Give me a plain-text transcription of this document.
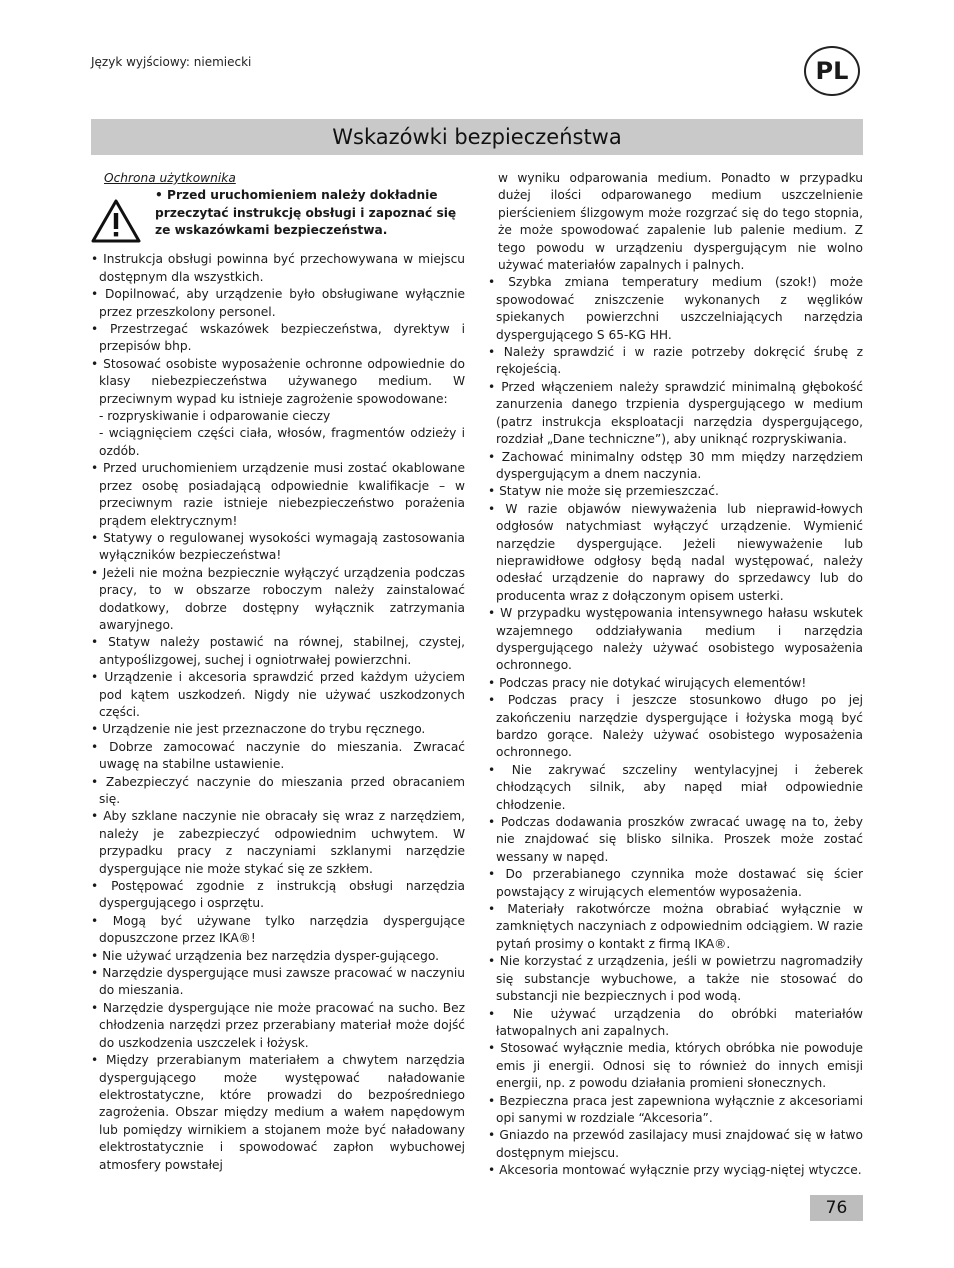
Język wyjściowy: niemiecki	PL
Wskazówki bezpieczeństwa

Ochrona użytkownika

• Przed uruchomieniem należy dokładnie przeczytać instrukcję obsługi i zapoznać się ze wskazówkami bezpieczeństwa.
• Instrukcja obsługi powinna być przechowywana w miejscu dostępnym dla wszystkich.
• Dopilnować, aby urządzenie było obsługiwane wyłącznie przez przeszkolony personel.
• Przestrzegać wskazówek bezpieczeństwa, dyrektyw i przepisów bhp.
• Stosować osobiste wyposażenie ochronne odpowiednie do klasy niebezpieczeństwa używanego medium. W przeciwnym wypad ku istnieje zagrożenie spowodowane:
- rozpryskiwanie i odparowanie cieczy
- wciągnięciem części ciała, włosów, fragmentów odzieży i ozdób.
• Przed uruchomieniem urządzenie musi zostać okablowane przez osobę posiadającą odpowiednie kwalifikacje – w przeciwnym razie istnieje niebezpieczeństwo porażenia prądem elektrycznym!
• Statywy o regulowanej wysokości wymagają zastosowania wyłączników bezpieczeństwa!
• Jeżeli nie można bezpiecznie wyłączyć urządzenia podczas pracy, to w obszarze roboczym należy zainstalować dodatkowy, dobrze dostępny wyłącznik zatrzymania awaryjnego.
• Statyw należy postawić na równej, stabilnej, czystej, antypoślizgowej, suchej i ogniotrwałej powierzchni.
• Urządzenie i akcesoria sprawdzić przed każdym użyciem pod kątem uszkodzeń. Nigdy nie używać uszkodzonych części.
• Urządzenie nie jest przeznaczone do trybu ręcznego.
• Dobrze zamocować naczynie do mieszania. Zwracać uwagę na stabilne ustawienie.
• Zabezpieczyć naczynie do mieszania przed obracaniem się.
• Aby szklane naczynie nie obracały się wraz z narzędziem, należy je zabezpieczyć odpowiednim uchwytem. W przypadku pracy z naczyniami szklanymi narzędzie dyspergujące nie może stykać się ze szkłem.
• Postępować zgodnie z instrukcją obsługi narzędzia dyspergującego i osprzętu.
• Mogą być używane tylko narzędzia dyspergujące dopuszczone przez IKA®!
• Nie używać urządzenia bez narzędzia dysper-gującego.
• Narzędzie dyspergujące musi zawsze pracować w naczyniu do mieszania.
• Narzędzie dyspergujące nie może pracować na sucho. Bez chłodzenia narzędzi przez przerabiany materiał może dojść do uszkodzenia uszczelek i łożysk.
• Między przerabianym materiałem a chwytem narzędzia dyspergującego może występować naładowanie elektrostatyczne, które prowadzi do bezpośredniego zagrożenia. Obszar między medium a wałem napędowym lub pomiędzy wirnikiem a stojanem może być naładowany elektrostatycznie i spowodować zapłon wybuchowej atmosfery powstałej
w wyniku odparowania medium. Ponadto w przypadku dużej ilości odparowanego medium uszczelnienie pierścieniem ślizgowym może rozgrzać się do tego stopnia, że może spowodować zapalenie lub palenie medium. Z tego powodu w urządzeniu dyspergującym nie wolno używać materiałów zapalnych i palnych.
• Szybka zmiana temperatury medium (szok!) może spowodować zniszczenie wykonanych z węglików spiekanych powierzchni uszczelniających narzędzia dyspergującego S 65-KG HH.
• Należy sprawdzić i w razie potrzeby dokręcić śrubę z rękojeścią.
• Przed włączeniem należy sprawdzić minimalną głębokość zanurzenia danego trzpienia dyspergującego w medium (patrz instrukcja eksploatacji narzędzia dyspergującego, rozdział „Dane techniczne”), aby uniknąć rozpryskiwania.
• Zachować minimalny odstęp 30 mm między narzędziem dyspergującym a dnem naczynia.
• Statyw nie może się przemieszczać.
• W razie objawów niewyważenia lub nieprawid-łowych odgłosów natychmiast wyłączyć urządzenie. Wymienić narzędzie dyspergujące. Jeżeli niewyważenie lub nieprawidłowe odgłosy będą nadal występować, należy odesłać urządzenie do naprawy do sprzedawcy lub do producenta wraz z dołączonym opisem usterki.
• W przypadku występowania intensywnego hałasu wskutek wzajemnego oddziaływania medium i narzędzia dyspergującego należy używać osobistego wyposażenia ochronnego.
• Podczas pracy nie dotykać wirujących elementów!
• Podczas pracy i jeszcze stosunkowo długo po jej zakończeniu narzędzie dyspergujące i łożyska mogą być bardzo gorące. Należy używać osobistego wyposażenia ochronnego.
• Nie zakrywać szczeliny wentylacyjnej i żeberek chłodzących silnik, aby napęd miał odpowiednie chłodzenie.
• Podczas dodawania proszków zwracać uwagę na to, żeby nie znajdować się blisko silnika. Proszek może zostać wessany w napęd.
• Do przerabianego czynnika może dostawać się ścier powstający z wirujących elementów wyposażenia.
• Materiały rakotwórcze można obrabiać wyłącznie w zamkniętych naczyniach z odpowiednim odciągiem. W razie pytań prosimy o kontakt z firmą IKA®.
• Nie korzystać z urządzenia, jeśli w powietrzu nagromadziły się substancje wybuchowe, a także nie stosować do substancji nie bezpiecznych i pod wodą.
• Nie używać urządzenia do obróbki materiałów łatwopalnych ani zapalnych.
• Stosować wyłącznie media, których obróbka nie powoduje emis ji energii. Odnosi się to również do innych emisji energii, np. z powodu działania promieni słonecznych.
• Bezpieczna praca jest zapewniona wyłącznie z akcesoriami opi sanymi w rozdziale “Akcesoria”.
• Gniazdo na przewód zasilajacy musi znajdować się w łatwo dostępnym miejscu.
• Akcesoria montować wyłącznie przy wyciąg-niętej wtyczce.
76
